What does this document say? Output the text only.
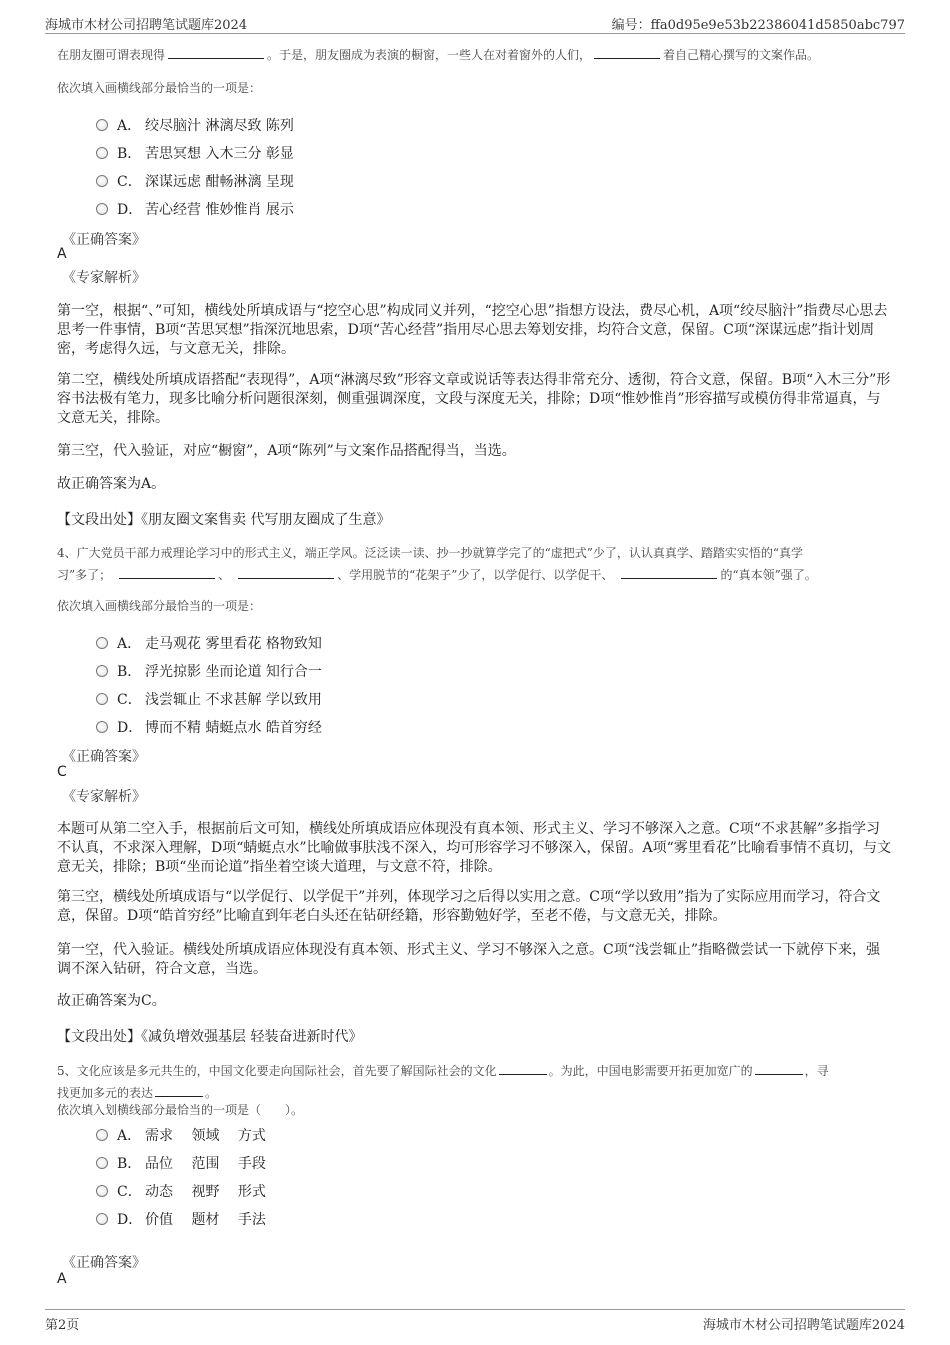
海城市木材公司招聘笔试题库2024	编号：ffa0d95e9e53b22386041d5850abc797
在朋友圈可谓表现得	。于是，朋友圈成为表演的橱窗，一些人在对着窗外的人们，	着自己精心撰写的文案作品。
依次填入画横线部分最恰当的一项是：
A． 绞尽脑汁 淋漓尽致 陈列
B． 苦思冥想 入木三分 彰显
C． 深谋远虑 酣畅淋漓 呈现
D． 苦心经营 惟妙惟肖 展示
《正确答案》
A
《专家解析》
第一空，根据“、”可知，横线处所填成语与“挖空心思”构成同义并列，“挖空心思”指想方设法，费尽心机，A项“绞尽脑汁”指费尽心思去思考一件事情，B项“苦思冥想”指深沉地思索，D项“苦心经营”指用尽心思去筹划安排，均符合文意，保留。C项“深谋远虑”指计划周密，考虑得久远，与文意无关，排除。
第二空，横线处所填成语搭配“表现得”，A项“淋漓尽致”形容文章或说话等表达得非常充分、透彻，符合文意，保留。B项“入木三分”形容书法极有笔力，现多比喻分析问题很深刻，侧重强调深度，文段与深度无关，排除；D项“惟妙惟肖”形容描写或模仿得非常逼真，与文意无关，排除。
第三空，代入验证，对应“橱窗”，A项“陈列”与文案作品搭配得当，当选。
故正确答案为A。
【文段出处】《朋友圈文案售卖 代写朋友圈成了生意》
4、广大党员干部力戒理论学习中的形式主义，端正学风。泛泛读一读、抄一抄就算学完了的“虚把式”少了，认认真真学、踏踏实实悟的“真学
习”多了；	、	、学用脱节的“花架子”少了，以学促行、以学促干、	的“真本领”强了。
依次填入画横线部分最恰当的一项是：
A． 走马观花 雾里看花 格物致知
B． 浮光掠影 坐而论道 知行合一
C． 浅尝辄止 不求甚解 学以致用
D． 博而不精 蜻蜓点水 皓首穷经
《正确答案》
C
《专家解析》
本题可从第二空入手，根据前后文可知，横线处所填成语应体现没有真本领、形式主义、学习不够深入之意。C项“不求甚解”多指学习不认真，不求深入理解，D项“蜻蜓点水”比喻做事肤浅不深入，均可形容学习不够深入，保留。A项“雾里看花”比喻看事情不真切，与文意无关，排除；B项“坐而论道”指坐着空谈大道理，与文意不符，排除。
第三空，横线处所填成语与“以学促行、以学促干”并列，体现学习之后得以实用之意。C项“学以致用”指为了实际应用而学习，符合文意，保留。D项“皓首穷经”比喻直到年老白头还在钻研经籍，形容勤勉好学，至老不倦，与文意无关，排除。
第一空，代入验证。横线处所填成语应体现没有真本领、形式主义、学习不够深入之意。C项“浅尝辄止”指略微尝试一下就停下来，强调不深入钻研，符合文意，当选。
故正确答案为C。
【文段出处】《减负增效强基层 轻装奋进新时代》
5、文化应该是多元共生的，中国文化要走向国际社会，首先要了解国际社会的文化	。为此，中国电影需要开拓更加宽广的	，寻
找更加多元的表达	。
依次填入划横线部分最恰当的一项是（　　）。
A． 需求　 领域　 方式
B． 品位　 范围　 手段
C． 动态　 视野　 形式
D． 价值　 题材　 手法
《正确答案》
A
第2页	海城市木材公司招聘笔试题库2024
